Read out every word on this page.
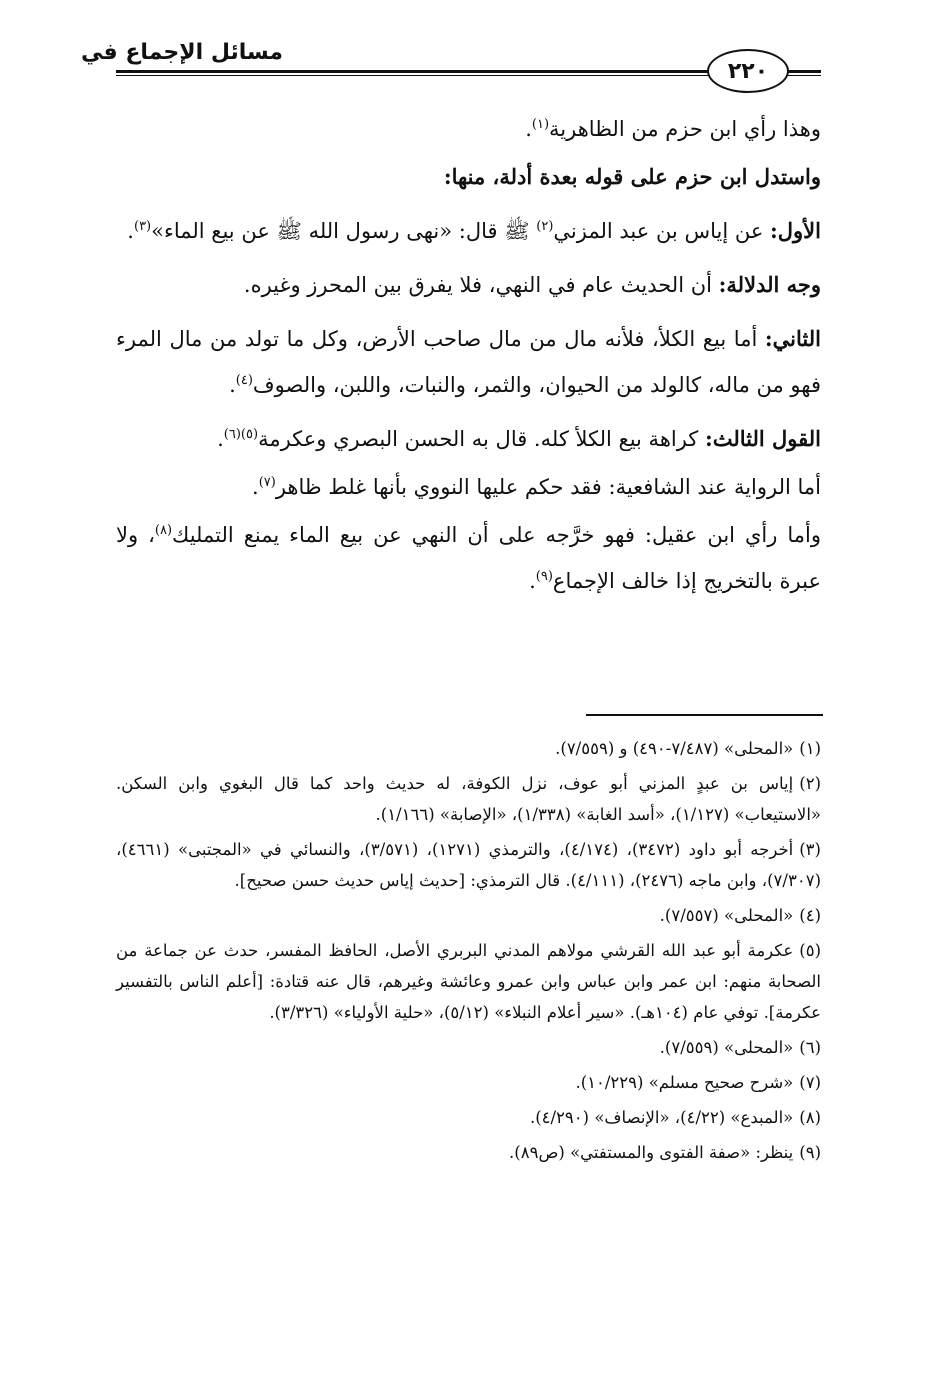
مسائل الإجماع في
٢٢٠

وهذا رأي ابن حزم من الظاهرية$^{(١)}$.

واستدل ابن حزم على قوله بعدة أدلة، منها:

الأول: عن إياس بن عبد المزني$^{(٢)}$ ﷺ قال: «نهى رسول الله ﷺ عن بيع الماء»$^{(٣)}$.

وجه الدلالة: أن الحديث عام في النهي، فلا يفرق بين المحرز وغيره.

الثاني: أما بيع الكلأ، فلأنه مال من مال صاحب الأرض، وكل ما تولد من مال المرء فهو من ماله، كالولد من الحيوان، والثمر، والنبات، واللبن، والصوف$^{(٤)}$.

القول الثالث: كراهة بيع الكلأ كله. قال به الحسن البصري وعكرمة$^{(٥)(٦)}$.

أما الرواية عند الشافعية: فقد حكم عليها النووي بأنها غلط ظاهر$^{(٧)}$.

وأما رأي ابن عقيل: فهو خرَّجه على أن النهي عن بيع الماء يمنع التمليك$^{(٨)}$، ولا عبرة بالتخريج إذا خالف الإجماع$^{(٩)}$.

(١)«المحلى» (٧/٤٨٧-٤٩٠) و (٧/٥٥٩).

(٢)إياس بن عبدٍ المزني أبو عوف، نزل الكوفة، له حديث واحد كما قال البغوي وابن السكن. «الاستيعاب» (١/١٢٧)، «أسد الغابة» (١/٣٣٨)، «الإصابة» (١/١٦٦).

(٣)أخرجه أبو داود (٣٤٧٢)، (٤/١٧٤)، والترمذي (١٢٧١)، (٣/٥٧١)، والنسائي في «المجتبى» (٤٦٦١)، (٧/٣٠٧)، وابن ماجه (٢٤٧٦)، (٤/١١١). قال الترمذي: [حديث إياس حديث حسن صحيح].

(٤)«المحلى» (٧/٥٥٧).

(٥)عكرمة أبو عبد الله القرشي مولاهم المدني البربري الأصل، الحافظ المفسر، حدث عن جماعة من الصحابة منهم: ابن عمر وابن عباس وابن عمرو وعائشة وغيرهم، قال عنه قتادة: [أعلم الناس بالتفسير عكرمة]. توفي عام (١٠٤هـ). «سير أعلام النبلاء» (٥/١٢)، «حلية الأولياء» (٣/٣٢٦).

(٦)«المحلى» (٧/٥٥٩).

(٧)«شرح صحيح مسلم» (١٠/٢٢٩).

(٨)«المبدع» (٤/٢٢)، «الإنصاف» (٤/٢٩٠).

(٩)ينظر: «صفة الفتوى والمستفتي» (ص٨٩).
